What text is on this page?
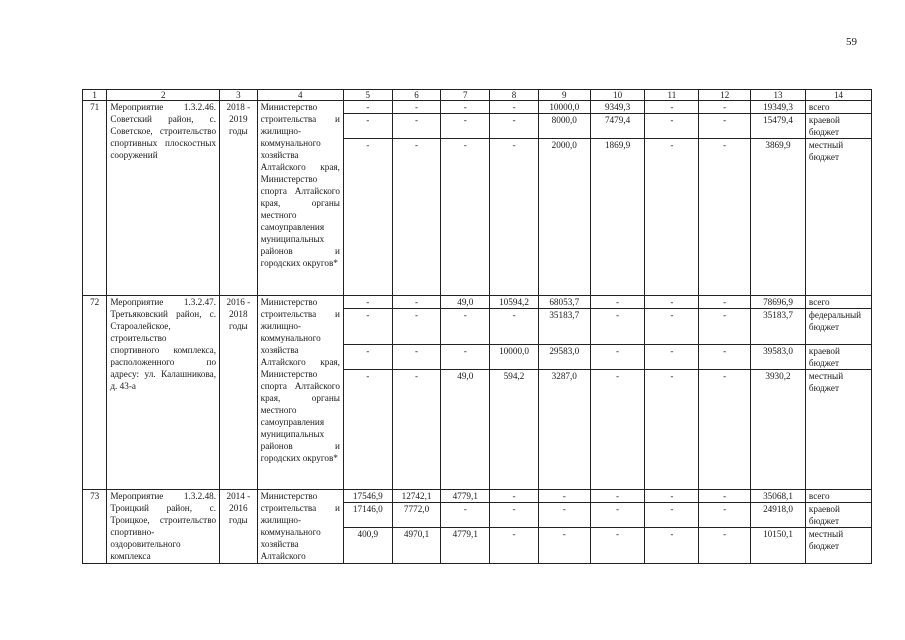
59
1	2	3	4	5	6	7	8	9	10	11	12	13	14
71	Мероприятие 1.3.2.46. Советский район, с. Советское, строительство спортивных плоскостных сооружений	2018 - 2019 годы	Министерство строительства и жилищно-коммунального хозяйства Алтайского края, Министерство спорта Алтайского края, органы местного самоуправления муниципальных районов и городских округов*	-	-	-	-	10000,0	9349,3	-	-	19349,3	всего
				-	-	-	-	8000,0	7479,4	-	-	15479,4	краевой бюджет
				-	-	-	-	2000,0	1869,9	-	-	3869,9	местный бюджет
72	Мероприятие 1.3.2.47. Третьяковский район, с. Староалейское, строительство спортивного комплекса, расположенного по адресу: ул. Калашникова, д. 43-а	2016 - 2018 годы	Министерство строительства и жилищно-коммунального хозяйства Алтайского края, Министерство спорта Алтайского края, органы местного самоуправления муниципальных районов и городских округов*	-	-	49,0	10594,2	68053,7	-	-	-	78696,9	всего
				-	-	-	-	35183,7	-	-	-	35183,7	федеральный бюджет
				-	-	-	10000,0	29583,0	-	-	-	39583,0	краевой бюджет
				-	-	49,0	594,2	3287,0	-	-	-	3930,2	местный бюджет
73	Мероприятие 1.3.2.48. Троицкий район, с. Троицкое, строительство спортивно-оздоровительного комплекса	2014 - 2016 годы	Министерство строительства и жилищно-коммунального хозяйства Алтайского	17546,9	12742,1	4779,1	-	-	-	-	-	35068,1	всего
				17146,0	7772,0	-	-	-	-	-	-	24918,0	краевой бюджет
				400,9	4970,1	4779,1	-	-	-	-	-	10150,1	местный бюджет
